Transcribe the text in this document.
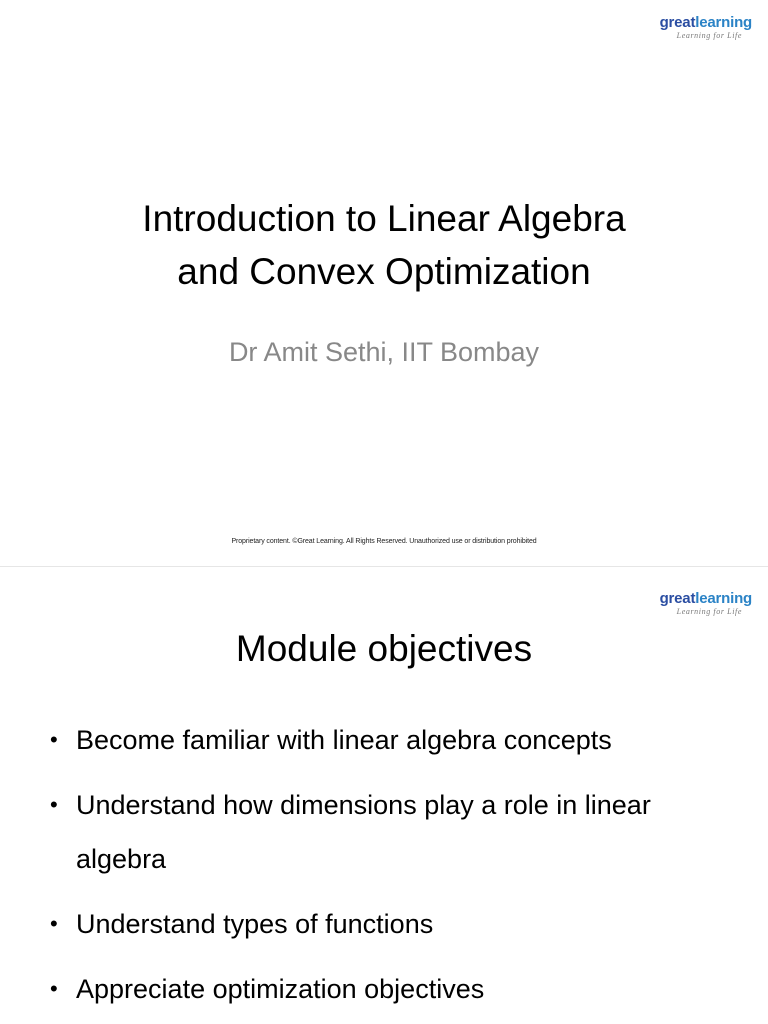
greatlearning
Learning for Life
Introduction to Linear Algebra
and Convex Optimization

Dr Amit Sethi, IIT Bombay

Proprietary content. ©Great Learning. All Rights Reserved. Unauthorized use or distribution prohibited
greatlearning
Learning for Life
Module objectives
• Become familiar with linear algebra concepts
• Understand how dimensions play a role in linear algebra
• Understand types of functions
• Appreciate optimization objectives
